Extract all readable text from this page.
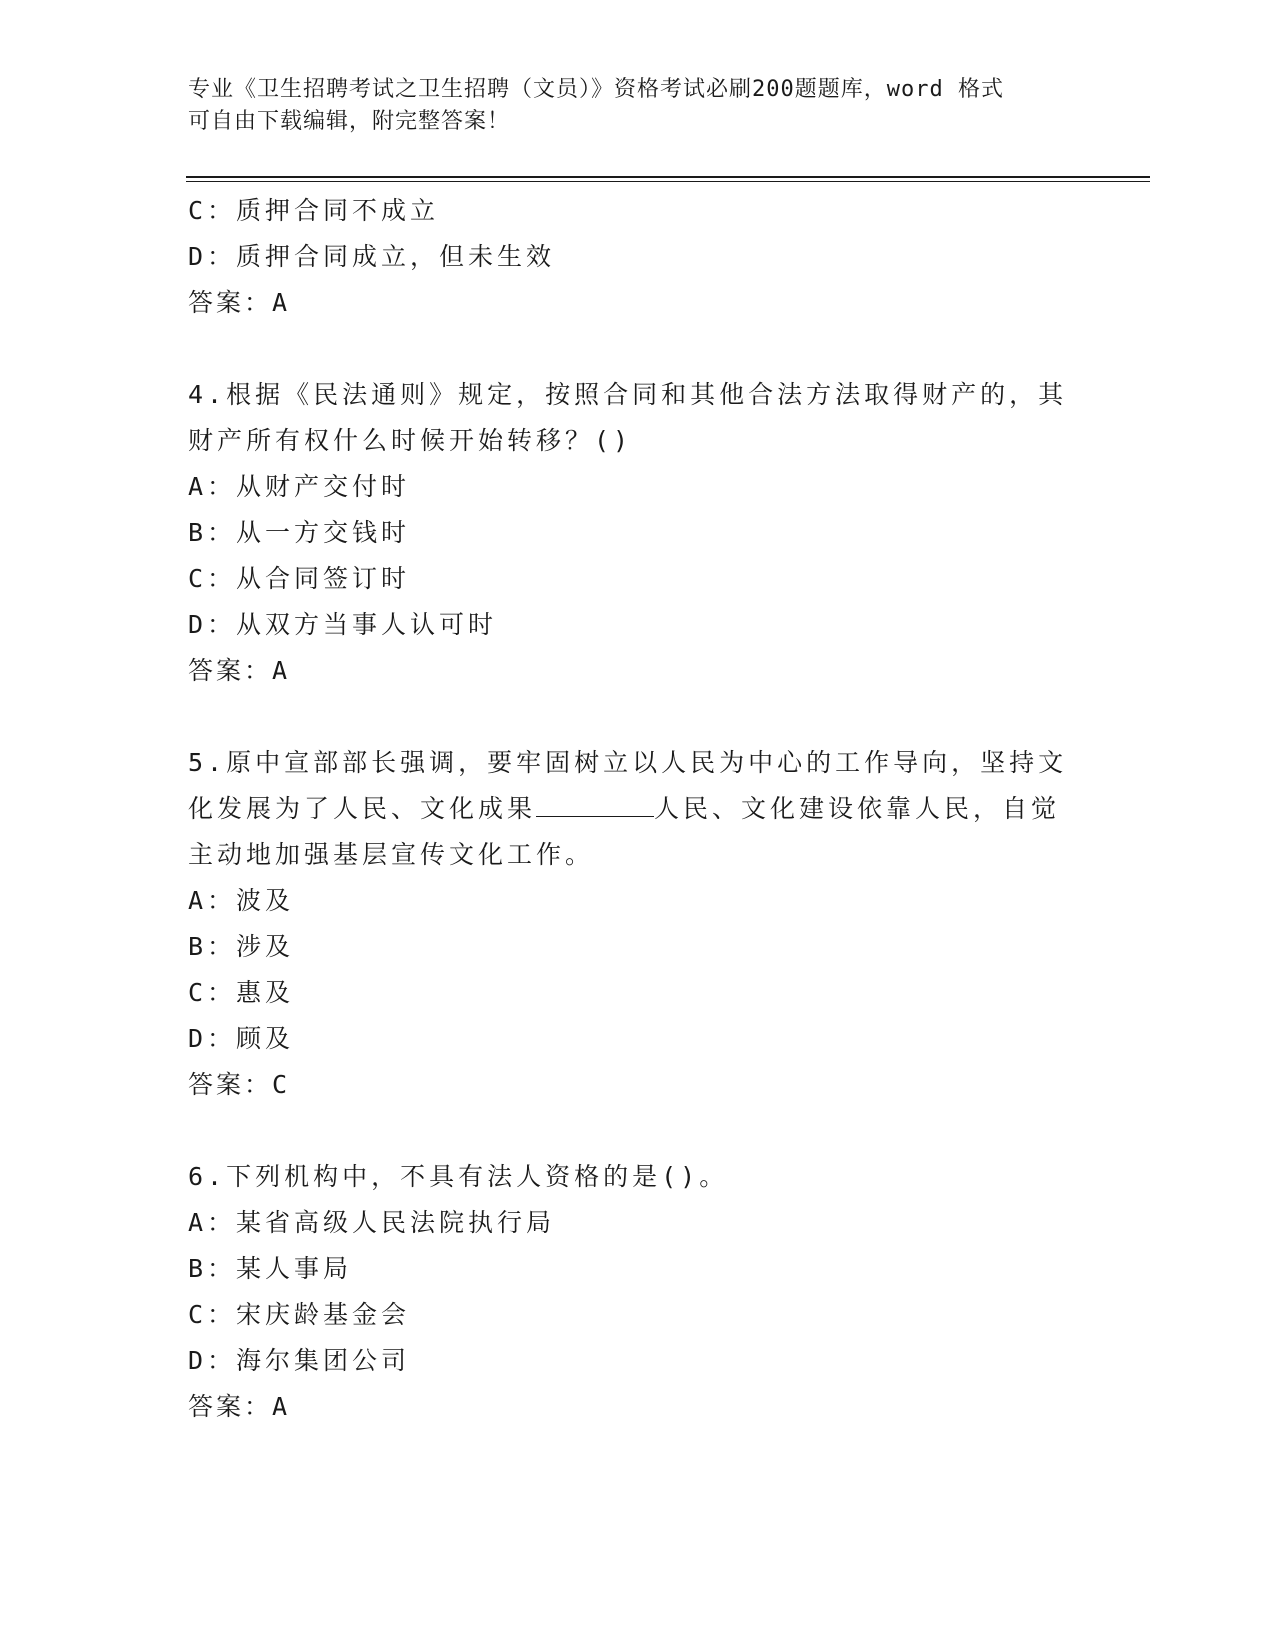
专业《卫生招聘考试之卫生招聘（文员）》资格考试必刷200题题库，word 格式
可自由下载编辑，附完整答案！
C：质押合同不成立
D：质押合同成立，但未生效
答案：A
4.根据《民法通则》规定，按照合同和其他合法方法取得财产的，其
财产所有权什么时候开始转移？()
A：从财产交付时
B：从一方交钱时
C：从合同签订时
D：从双方当事人认可时
答案：A
5.原中宣部部长强调，要牢固树立以人民为中心的工作导向，坚持文
化发展为了人民、文化成果	人民、文化建设依靠人民，自觉
主动地加强基层宣传文化工作。
A：波及
B：涉及
C：惠及
D：顾及
答案：C
6.下列机构中，不具有法人资格的是()。
A：某省高级人民法院执行局
B：某人事局
C：宋庆龄基金会
D：海尔集团公司
答案：A
